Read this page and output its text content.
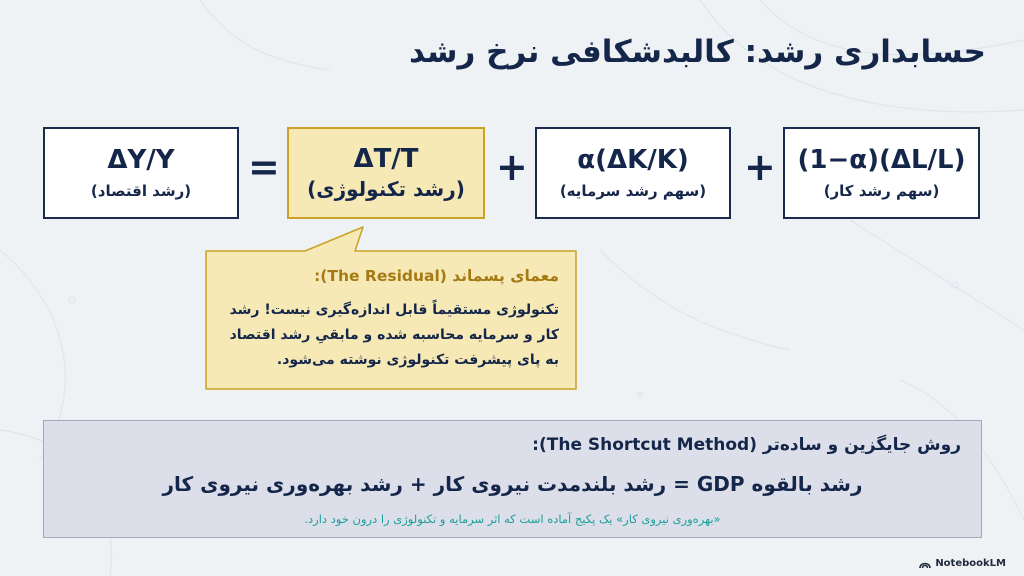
حسابداری رشد: کالبدشکافی نرخ رشد
ΔY/Y
(رشد اقتصاد)
=	ΔT/T
(رشد تکنولوژی)
+ α(ΔK/K)
(سهم رشد سرمایه)
+ (1−α)(ΔL/L)
(سهم رشد کار)
معمای پسماند (The Residual):
تکنولوژی مستقیماً قابل اندازه‌گیری نیست! رشد
کار و سرمایه محاسبه شده و مابقیِ رشد اقتصاد
به پای پیشرفت تکنولوژی نوشته می‌شود.
روش جایگزین و ساده‌تر (The Shortcut Method):
رشد بالقوه GDP = رشد بلندمدت نیروی کار + رشد بهره‌وری نیروی کار
«بهره‌وری نیروی کار» یک پکیج آماده است که اثر سرمایه و تکنولوژی را درون خود دارد.
NotebookLM
